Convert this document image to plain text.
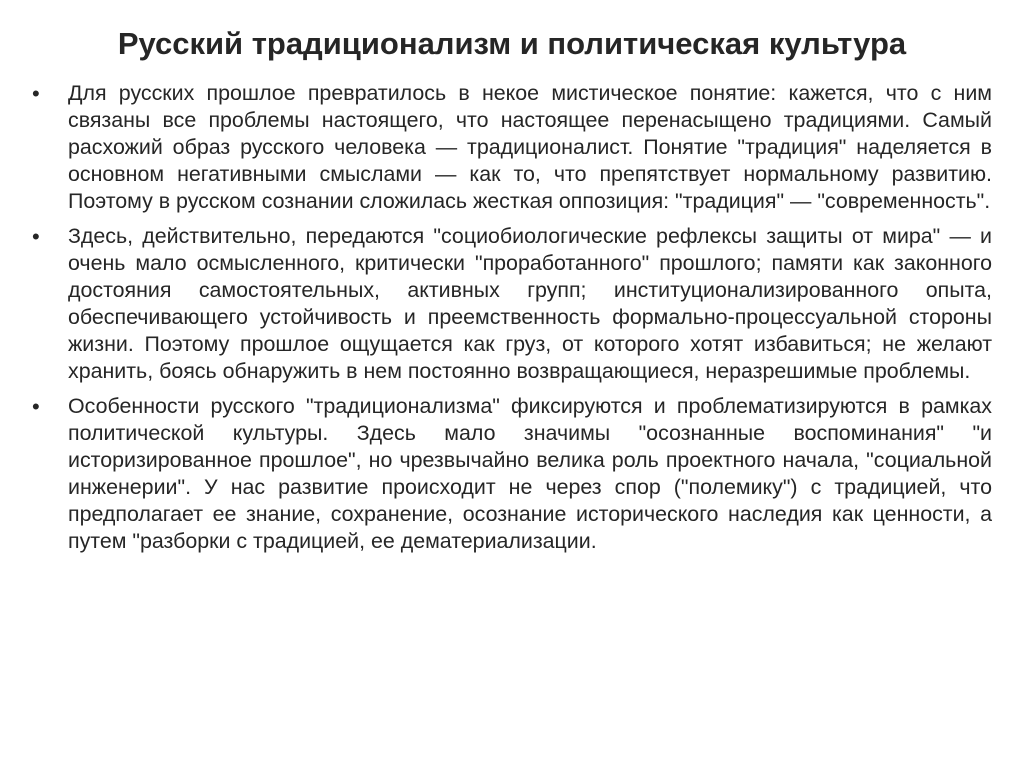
Русский традиционализм и политическая культура
• Для русских прошлое превратилось в некое мистическое понятие: кажется, что с ним связаны все проблемы настоящего, что настоящее перенасыщено традициями. Самый расхожий образ русского человека — традиционалист. Понятие "традиция" наделяется в основном негативными смыслами — как то, что препятствует нормальному развитию. Поэтому в русском сознании сложилась жесткая оппозиция: "традиция" — "современность".
• Здесь, действительно, передаются "социобиологические рефлексы защиты от мира" — и очень мало осмысленного, критически "проработанного" прошлого; памяти как законного достояния самостоятельных, активных групп; институционализированного опыта, обеспечивающего устойчивость и преемственность формально-процессуальной стороны жизни. Поэтому прошлое ощущается как груз, от которого хотят избавиться; не желают хранить, боясь обнаружить в нем постоянно возвращающиеся, неразрешимые проблемы.
• Особенности русского "традиционализма" фиксируются и проблематизируются в рамках политической культуры. Здесь мало значимы "осознанные воспоминания" "и историзированное прошлое", но чрезвычайно велика роль проектного начала, "социальной инженерии". У нас развитие происходит не через спор ("полемику") с традицией, что предполагает ее знание, сохранение, осознание исторического наследия как ценности, а путем "разборки с традицией, ее дематериализации.
